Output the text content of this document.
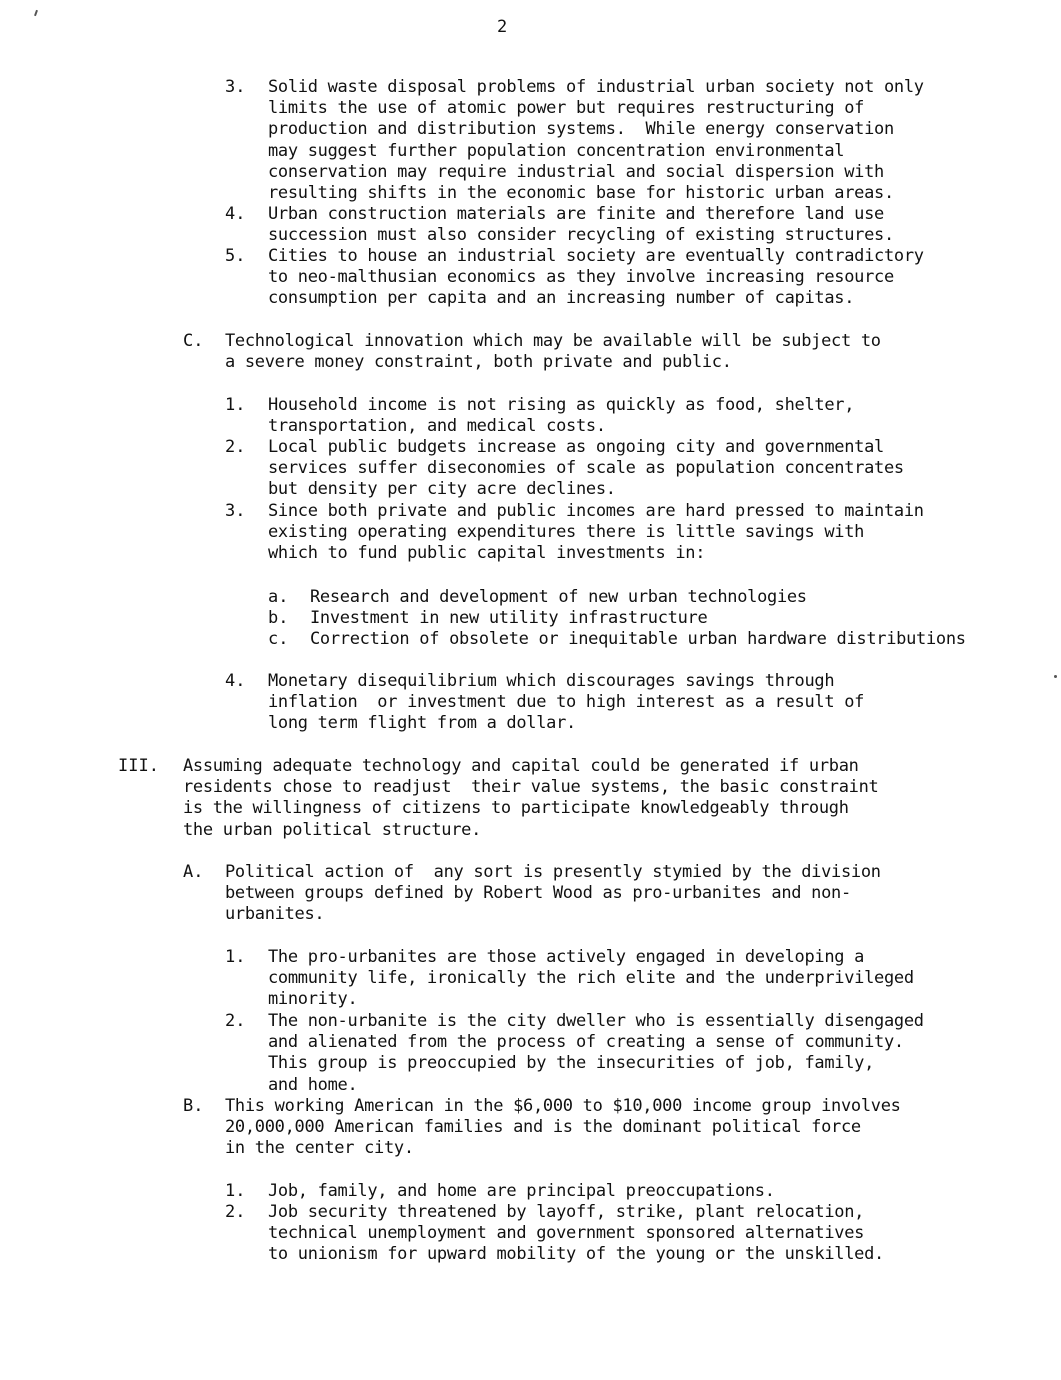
2
3. Solid waste disposal problems of industrial urban society not only
limits the use of atomic power but requires restructuring of
production and distribution systems.  While energy conservation
may suggest further population concentration environmental
conservation may require industrial and social dispersion with
resulting shifts in the economic base for historic urban areas.
4. Urban construction materials are finite and therefore land use
succession must also consider recycling of existing structures.
5. Cities to house an industrial society are eventually contradictory
to neo-malthusian economics as they involve increasing resource
consumption per capita and an increasing number of capitas.
C. Technological innovation which may be available will be subject to
a severe money constraint, both private and public.
1. Household income is not rising as quickly as food, shelter,
transportation, and medical costs.
2. Local public budgets increase as ongoing city and governmental
services suffer diseconomies of scale as population concentrates
but density per city acre declines.
3. Since both private and public incomes are hard pressed to maintain
existing operating expenditures there is little savings with
which to fund public capital investments in:
a. Research and development of new urban technologies
b. Investment in new utility infrastructure
c. Correction of obsolete or inequitable urban hardware distributions
4. Monetary disequilibrium which discourages savings through
inflation  or investment due to high interest as a result of
long term flight from a dollar.
III. Assuming adequate technology and capital could be generated if urban
residents chose to readjust  their value systems, the basic constraint
is the willingness of citizens to participate knowledgeably through
the urban political structure.
A. Political action of  any sort is presently stymied by the division
between groups defined by Robert Wood as pro-urbanites and non-
urbanites.
1. The pro-urbanites are those actively engaged in developing a
community life, ironically the rich elite and the underprivileged
minority.
2. The non-urbanite is the city dweller who is essentially disengaged
and alienated from the process of creating a sense of community.
This group is preoccupied by the insecurities of job, family,
and home.
B. This working American in the $6,000 to $10,000 income group involves
20,000,000 American families and is the dominant political force
in the center city.
1. Job, family, and home are principal preoccupations.
2. Job security threatened by layoff, strike, plant relocation,
technical unemployment and government sponsored alternatives
to unionism for upward mobility of the young or the unskilled.
